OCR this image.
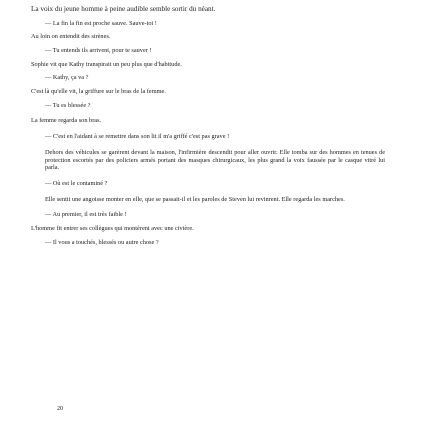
La voix du jeune homme à peine audible semble sortir du néant.

— La fin la fin est proche sauve. Sauve-toi !

Au loin on entendit des sirènes.

— Tu entends ils arrivent, pour te sauver !

Sophie vit que Kathy transpirait un peu plus que d'habitude.

— Kathy, ça va ?

C'est là qu'elle vit, la griffure sur le bras de la femme.

— Tu es blessée ?

La femme regarda son bras.

— C'est en l'aidant à se remettre dans son lit il m'a griffé c'est pas grave !

Dehors des véhicules se garèrent devant la maison, l'infirmière descendit pour aller ouvrir. Elle tomba sur des hommes en tenues de protection escortés par des policiers armés portant des masques chirurgicaux, les plus grand la voix faussée par le casque vitré lui parla.

— Où est le contaminé ?

Elle sentit une angoisse monter en elle, que se passait-il et les paroles de Steven lui revinrent. Elle regarda les marches.

— Au premier, il est très faible !

L'homme fit entrer ses collègues qui montèrent avec une civière.

— Il vous a touchés, blessés ou autre chose ?

20
